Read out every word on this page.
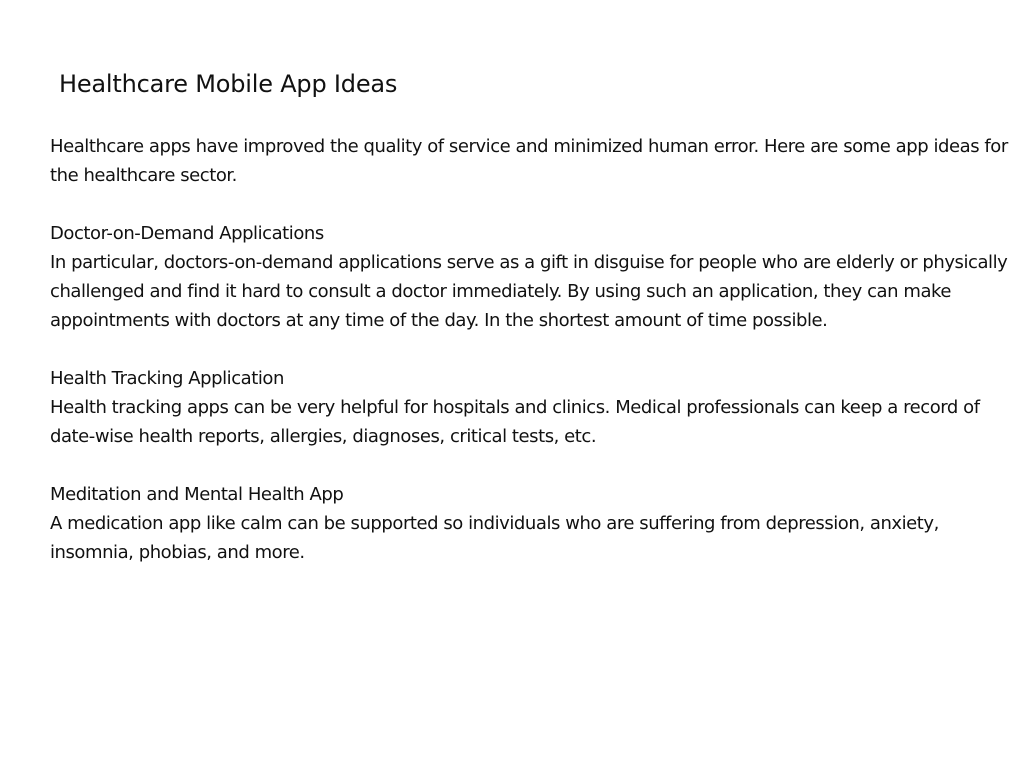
Healthcare Mobile App Ideas

Healthcare apps have improved the quality of service and minimized human error. Here are some app ideas for the healthcare sector.

Doctor-on-Demand Applications

In particular, doctors-on-demand applications serve as a gift in disguise for people who are elderly or physically challenged and find it hard to consult a doctor immediately. By using such an application, they can make appointments with doctors at any time of the day. In the shortest amount of time possible.

Health Tracking Application

Health tracking apps can be very helpful for hospitals and clinics. Medical professionals can keep a record of date-wise health reports, allergies, diagnoses, critical tests, etc.

Meditation and Mental Health App

A medication app like calm can be supported so individuals who are suffering from depression, anxiety, insomnia, phobias, and more.
